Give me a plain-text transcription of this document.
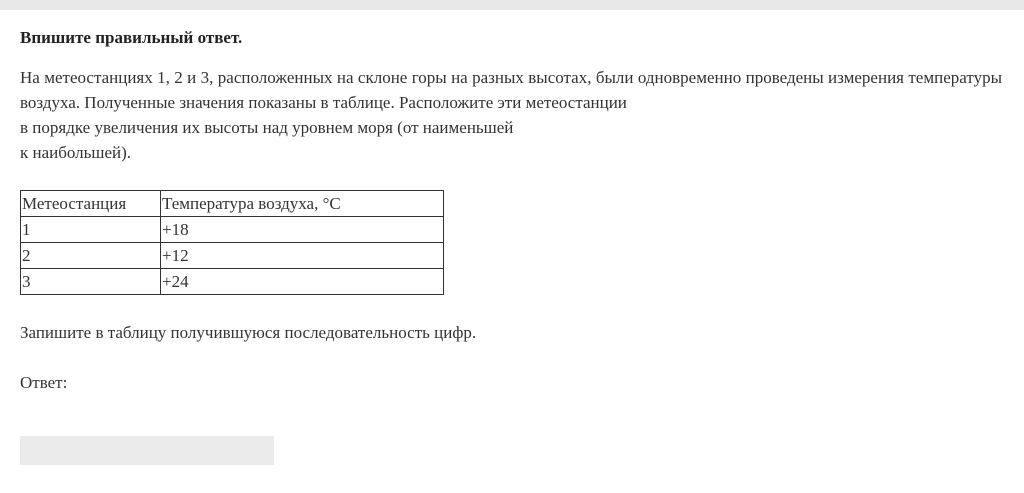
Впишите правильный ответ.

На метеостанциях 1, 2 и 3, расположенных на склоне горы на разных высотах, были одновременно проведены измерения температуры воздуха. Полученные значения показаны в таблице. Расположите эти метеостанции
в порядке увеличения их высоты над уровнем моря (от наименьшей
к наибольшей).

Метеостанция	Температура воздуха, °C
1	+18
2	+12
3	+24

Запишите в таблицу получившуюся последовательность цифр.

Ответ:
